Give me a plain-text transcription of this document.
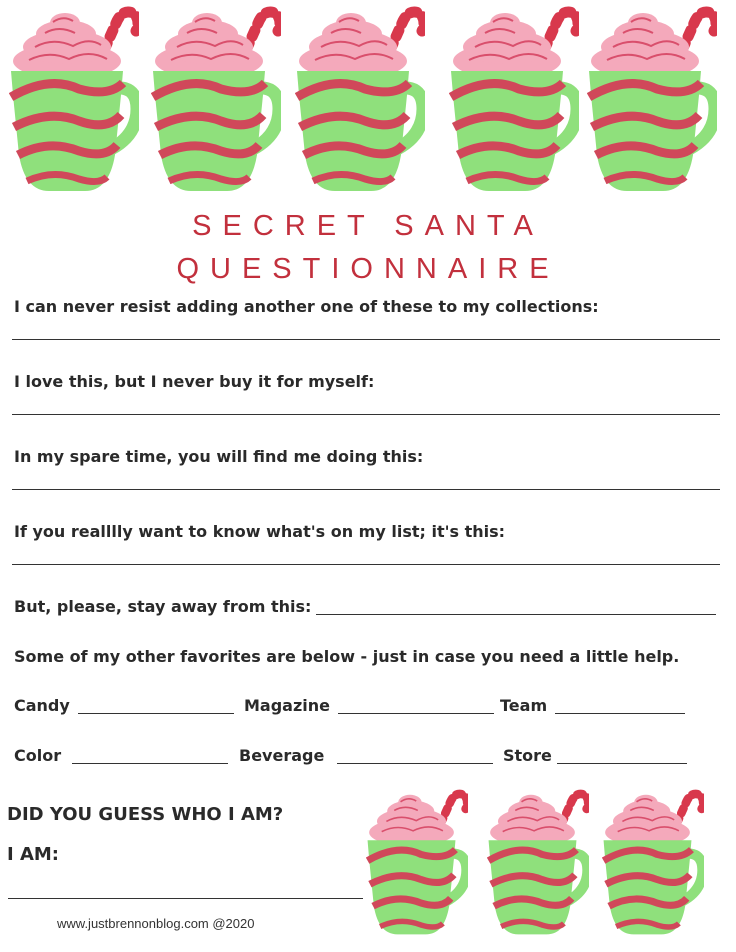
SECRET SANTA
QUESTIONNAIRE
I can never resist adding another one of these to my collections:
I love this, but I never buy it for myself:
In my spare time, you will find me doing this:
If you realllly want to know what's on my list; it's this:
But, please, stay away from this:
Some of my other favorites are below - just in case you need a little help.
Candy	Magazine	Team
Color	Beverage	Store
DID YOU GUESS WHO I AM?
I AM:
www.justbrennonblog.com @2020
